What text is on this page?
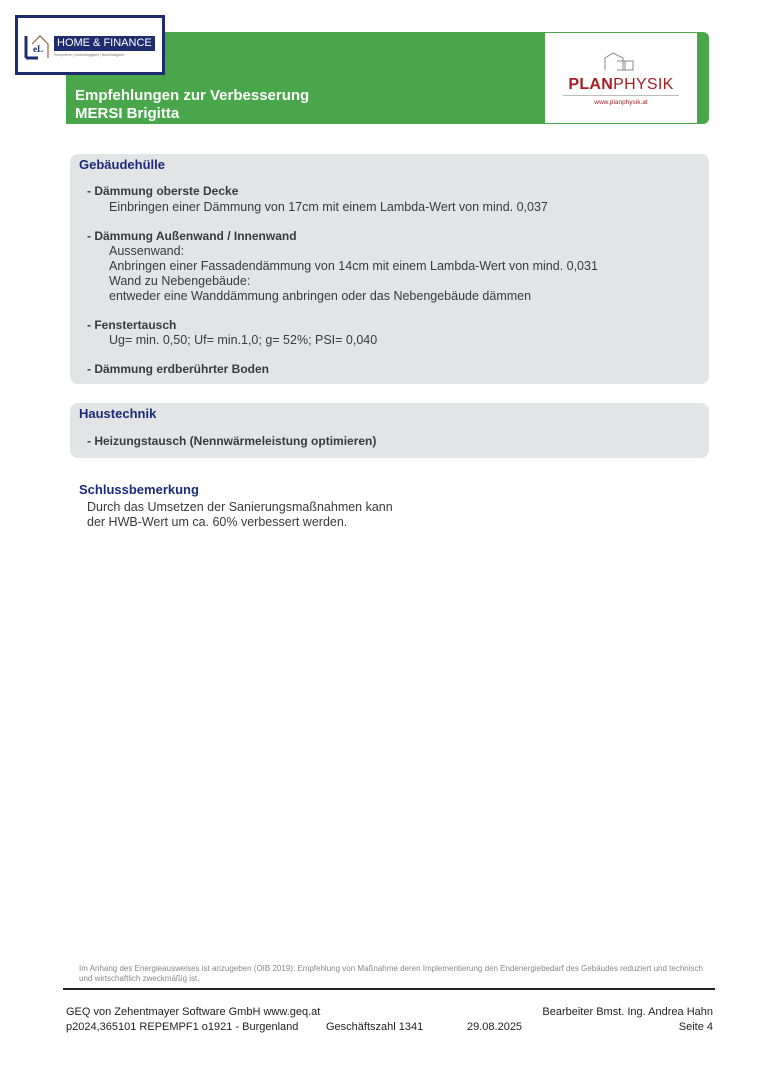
Empfehlungen zur Verbesserung
MERSI Brigitta
eL HOME & FINANCE
Kompetenz | Unabhängigkeit | Nachhaltigkeit
PLANPHYSIK
www.planphysik.at
Gebäudehülle
- Dämmung oberste Decke
Einbringen einer Dämmung von 17cm mit einem Lambda-Wert von mind. 0,037
- Dämmung Außenwand / Innenwand
Aussenwand:
Anbringen einer Fassadendämmung von 14cm mit einem Lambda-Wert von mind. 0,031
Wand zu Nebengebäude:
entweder eine Wanddämmung anbringen oder das Nebengebäude dämmen
- Fenstertausch
Ug= min. 0,50; Uf= min.1,0; g= 52%; PSI= 0,040
- Dämmung erdberührter Boden
Haustechnik
- Heizungstausch (Nennwärmeleistung optimieren)
Schlussbemerkung
Durch das Umsetzen der Sanierungsmaßnahmen kann
der HWB-Wert um ca. 60% verbessert werden.
Im Anhang des Energieausweises ist anzugeben (OIB 2019): Empfehlung von Maßnahme deren Implementierung den Endenergiebedarf des Gebäudes reduziert und technisch und wirtschaftlich zweckmäßig ist.
GEQ von Zehentmayer Software GmbH www.geq.at
p2024,365101 REPEMPF1 o1921 - Burgenland	Geschäftszahl 1341	29.08.2025
Bearbeiter Bmst. Ing. Andrea Hahn
Seite 4
